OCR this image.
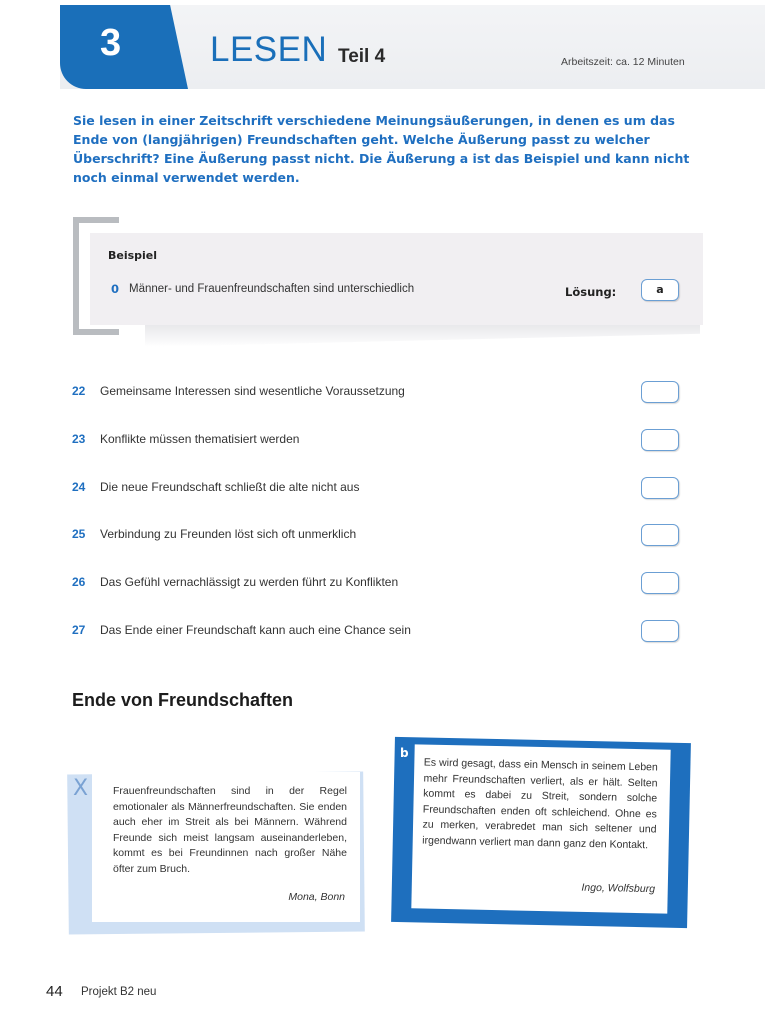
3	LESEN Teil 4	Arbeitszeit: ca. 12 Minuten
Sie lesen in einer Zeitschrift verschiedene Meinungsäußerungen, in denen es um das Ende von (langjährigen) Freundschaften geht. Welche Äußerung passt zu welcher Überschrift? Eine Äußerung passt nicht. Die Äußerung a ist das Beispiel und kann nicht noch einmal verwendet werden.
Beispiel
0 Männer- und Frauenfreundschaften sind unterschiedlich	Lösung:	a
22 Gemeinsame Interessen sind wesentliche Voraussetzung
23 Konflikte müssen thematisiert werden
24 Die neue Freundschaft schließt die alte nicht aus
25 Verbindung zu Freunden löst sich oft unmerklich
26 Das Gefühl vernachlässigt zu werden führt zu Konflikten
27 Das Ende einer Freundschaft kann auch eine Chance sein
Ende von Freundschaften
X Frauenfreundschaften sind in der Regel emotionaler als Männerfreundschaften. Sie enden auch eher im Streit als bei Männern. Während Freunde sich meist langsam auseinanderleben, kommt es bei Freundinnen nach großer Nähe öfter zum Bruch.
Mona, Bonn
b
Es wird gesagt, dass ein Mensch in seinem Leben mehr Freundschaften verliert, als er hält. Selten kommt es dabei zu Streit, sondern solche Freundschaften enden oft schleichend. Ohne es zu merken, verabredet man sich seltener und irgendwann verliert man dann ganz den Kontakt.
Ingo, Wolfsburg
44 Projekt B2 neu
